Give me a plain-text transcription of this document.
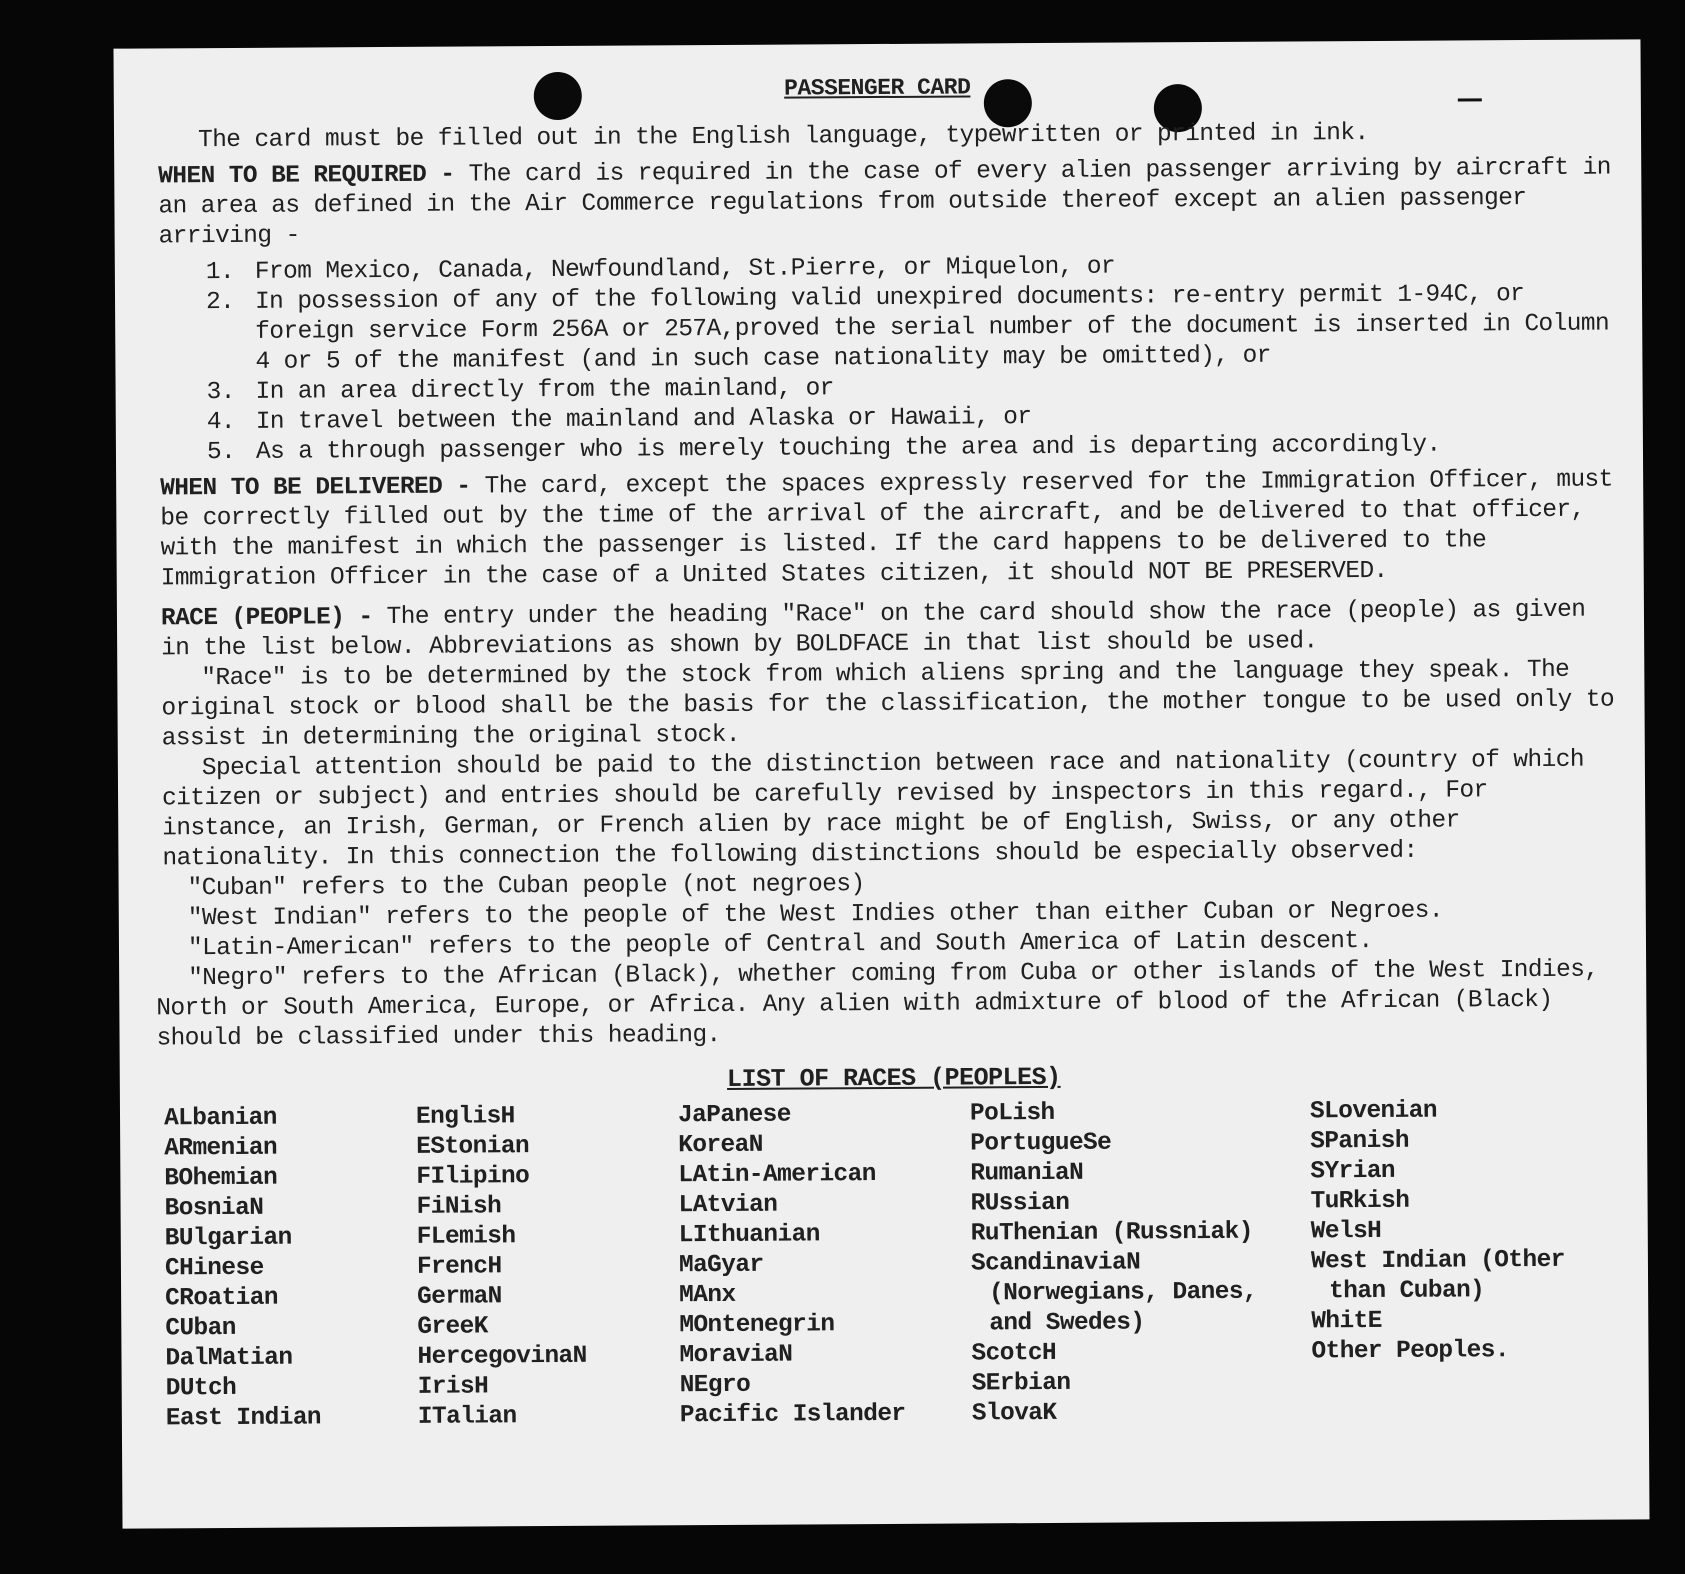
PASSENGER CARD

The card must be filled out in the English language, typewritten or printed in ink.

WHEN TO BE REQUIRED - The card is required in the case of every alien passenger arriving by aircraft in an area as defined in the Air Commerce regulations from outside thereof except an alien passenger arriving -

1. From Mexico, Canada, Newfoundland, St.Pierre, or Miquelon, or
2. In possession of any of the following valid unexpired documents: re-entry permit 1-94C, or foreign service Form 256A or 257A,proved the serial number of the document is inserted in Column 4 or 5 of the manifest (and in such case nationality may be omitted), or
3. In an area directly from the mainland, or
4. In travel between the mainland and Alaska or Hawaii, or
5. As a through passenger who is merely touching the area and is departing accordingly.

WHEN TO BE DELIVERED - The card, except the spaces expressly reserved for the Immigration Officer, must be correctly filled out by the time of the arrival of the aircraft, and be delivered to that officer, with the manifest in which the passenger is listed. If the card happens to be delivered to the Immigration Officer in the case of a United States citizen, it should NOT BE PRESERVED.

RACE (PEOPLE) - The entry under the heading "Race" on the card should show the race (people) as given in the list below. Abbreviations as shown by BOLDFACE in that list should be used.

"Race" is to be determined by the stock from which aliens spring and the language they speak. The original stock or blood shall be the basis for the classification, the mother tongue to be used only to assist in determining the original stock.

Special attention should be paid to the distinction between race and nationality (country of which citizen or subject) and entries should be carefully revised by inspectors in this regard., For instance, an Irish, German, or French alien by race might be of English, Swiss, or any other nationality. In this connection the following distinctions should be especially observed:

"Cuban" refers to the Cuban people (not negroes)

"West Indian" refers to the people of the West Indies other than either Cuban or Negroes.

"Latin-American" refers to the people of Central and South America of Latin descent.

"Negro" refers to the African (Black), whether coming from Cuba or other islands of the West Indies, North or South America, Europe, or Africa. Any alien with admixture of blood of the African (Black) should be classified under this heading.

LIST OF RACES (PEOPLES)
ALbanian
ARmenian
BOhemian
BosniaN
BUlgarian
CHinese
CRoatian
CUban
DalMatian
DUtch
East Indian
EnglisH
EStonian
FIlipino
FiNish
FLemish
FrencH
GermaN
GreeK
HercegovinaN
IrisH
ITalian
JaPanese
KoreaN
LAtin-American
LAtvian
LIthuanian
MaGyar
MAnx
MOntenegrin
MoraviaN
NEgro
Pacific Islander
PoLish
PortugueSe
RumaniaN
RUssian
RuThenian (Russniak)
ScandinaviaN (Norwegians, Danes, and Swedes)
ScotcH
SErbian
SlovaK
SLovenian
SPanish
SYrian
TuRkish
WelsH
West Indian (Other than Cuban)
WhitE
Other Peoples.
